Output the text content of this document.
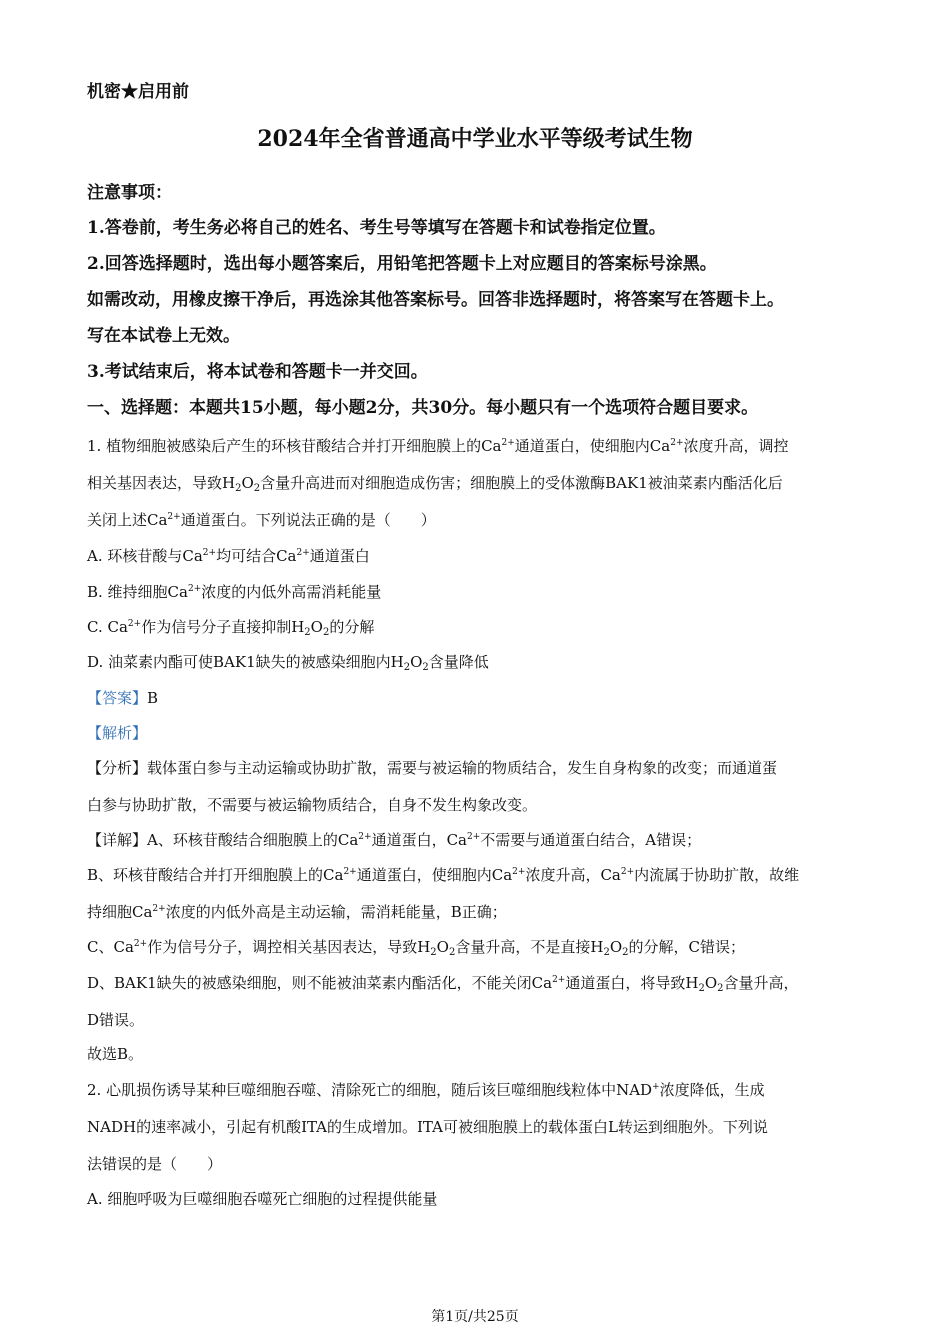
机密★启用前
2024年全省普通高中学业水平等级考试生物
注意事项：
1.答卷前，考生务必将自己的姓名、考生号等填写在答题卡和试卷指定位置。
2.回答选择题时，选出每小题答案后，用铅笔把答题卡上对应题目的答案标号涂黑。
如需改动，用橡皮擦干净后，再选涂其他答案标号。回答非选择题时，将答案写在答题卡上。
写在本试卷上无效。
3.考试结束后，将本试卷和答题卡一并交回。
一、选择题：本题共15小题，每小题2分，共30分。每小题只有一个选项符合题目要求。
1. 植物细胞被感染后产生的环核苷酸结合并打开细胞膜上的$Ca^{2+}$通道蛋白，使细胞内$Ca^{2+}$浓度升高，调控
相关基因表达，导致$H_2O_2$含量升高进而对细胞造成伤害；细胞膜上的受体激酶BAK1被油菜素内酯活化后
关闭上述$Ca^{2+}$通道蛋白。下列说法正确的是（　　）
A. 环核苷酸与$Ca^{2+}$均可结合$Ca^{2+}$通道蛋白
B. 维持细胞$Ca^{2+}$浓度的内低外高需消耗能量
C. $Ca^{2+}$作为信号分子直接抑制$H_2O_2$的分解
D. 油菜素内酯可使BAK1缺失的被感染细胞内$H_2O_2$含量降低
【答案】B
【解析】
【分析】载体蛋白参与主动运输或协助扩散，需要与被运输的物质结合，发生自身构象的改变；而通道蛋
白参与协助扩散，不需要与被运输物质结合，自身不发生构象改变。
【详解】A、环核苷酸结合细胞膜上的$Ca^{2+}$通道蛋白，$Ca^{2+}$不需要与通道蛋白结合，A错误；
B、环核苷酸结合并打开细胞膜上的$Ca^{2+}$通道蛋白，使细胞内$Ca^{2+}$浓度升高，$Ca^{2+}$内流属于协助扩散，故维
持细胞$Ca^{2+}$浓度的内低外高是主动运输，需消耗能量，B正确；
C、$Ca^{2+}$作为信号分子，调控相关基因表达，导致$H_2O_2$含量升高，不是直接$H_2O_2$的分解，C错误；
D、BAK1缺失的被感染细胞，则不能被油菜素内酯活化，不能关闭$Ca^{2+}$通道蛋白，将导致$H_2O_2$含量升高，
D错误。
故选B。
2. 心肌损伤诱导某种巨噬细胞吞噬、清除死亡的细胞，随后该巨噬细胞线粒体中NAD+浓度降低，生成
NADH的速率减小，引起有机酸ITA的生成增加。ITA可被细胞膜上的载体蛋白L转运到细胞外。下列说
法错误的是（　　）
A. 细胞呼吸为巨噬细胞吞噬死亡细胞的过程提供能量
第1页/共25页
